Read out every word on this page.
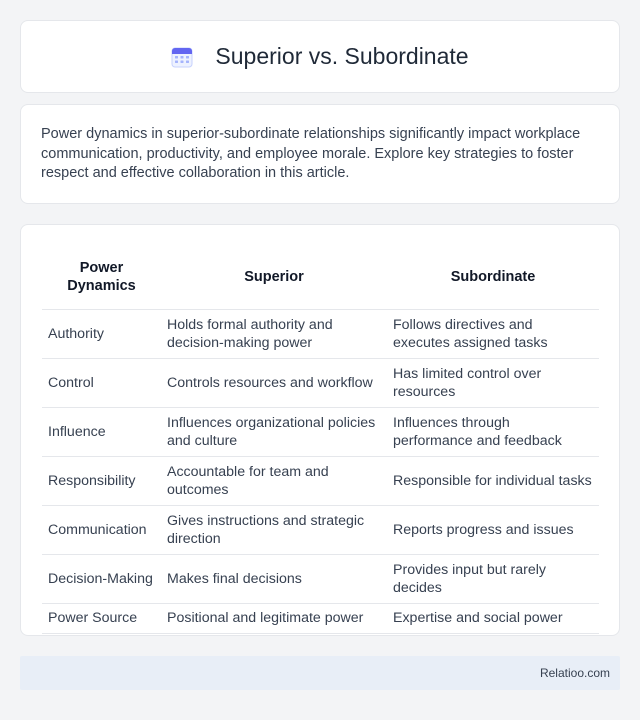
Superior vs. Subordinate

Power dynamics in superior-subordinate relationships significantly impact workplace communication, productivity, and employee morale. Explore key strategies to foster respect and effective collaboration in this article.

Power Dynamics	Superior	Subordinate
Authority	Holds formal authority and decision-making power	Follows directives and executes assigned tasks
Control	Controls resources and workflow	Has limited control over resources
Influence	Influences organizational policies and culture	Influences through performance and feedback
Responsibility	Accountable for team and outcomes	Responsible for individual tasks
Communication	Gives instructions and strategic direction	Reports progress and issues
Decision-Making	Makes final decisions	Provides input but rarely decides
Power Source	Positional and legitimate power	Expertise and social power
Relatioo.com
